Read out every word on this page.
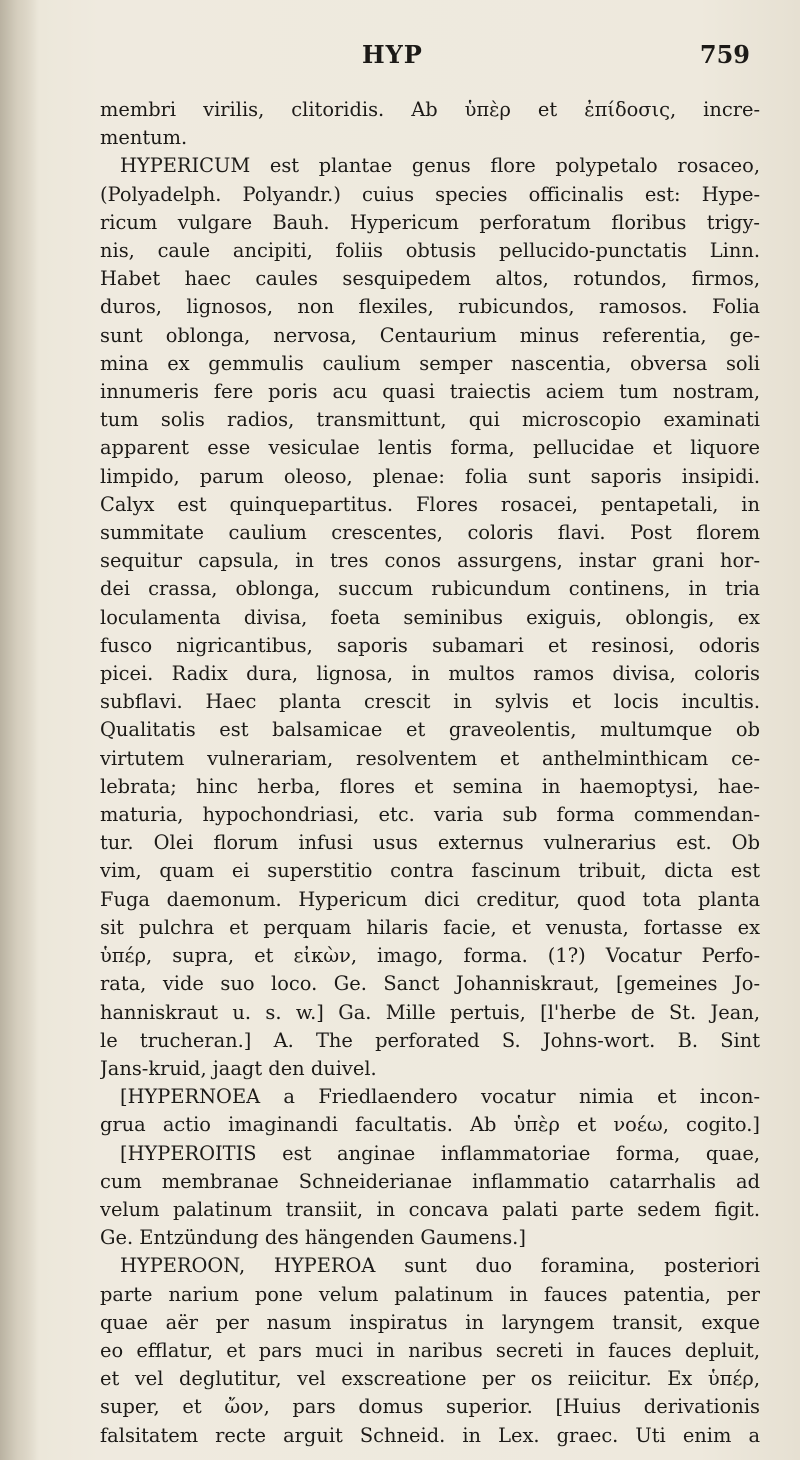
HYP	759
membri virilis, clitoridis. Ab ὑπὲρ et ἐπίδοσις, incre-
mentum.
HYPERICUM est plantae genus flore polypetalo rosaceo,
(Polyadelph. Polyandr.) cuius species officinalis est: Hype-
ricum vulgare Bauh. Hypericum perforatum floribus trigy-
nis, caule ancipiti, foliis obtusis pellucido-punctatis Linn.
Habet haec caules sesquipedem altos, rotundos, firmos,
duros, lignosos, non flexiles, rubicundos, ramosos. Folia
sunt oblonga, nervosa, Centaurium minus referentia, ge-
mina ex gemmulis caulium semper nascentia, obversa soli
innumeris fere poris acu quasi traiectis aciem tum nostram,
tum solis radios, transmittunt, qui microscopio examinati
apparent esse vesiculae lentis forma, pellucidae et liquore
limpido, parum oleoso, plenae: folia sunt saporis insipidi.
Calyx est quinquepartitus. Flores rosacei, pentapetali, in
summitate caulium crescentes, coloris flavi. Post florem
sequitur capsula, in tres conos assurgens, instar grani hor-
dei crassa, oblonga, succum rubicundum continens, in tria
loculamenta divisa, foeta seminibus exiguis, oblongis, ex
fusco nigricantibus, saporis subamari et resinosi, odoris
picei. Radix dura, lignosa, in multos ramos divisa, coloris
subflavi. Haec planta crescit in sylvis et locis incultis.
Qualitatis est balsamicae et graveolentis, multumque ob
virtutem vulnerariam, resolventem et anthelminthicam ce-
lebrata; hinc herba, flores et semina in haemoptysi, hae-
maturia, hypochondriasi, etc. varia sub forma commendan-
tur. Olei florum infusi usus externus vulnerarius est. Ob
vim, quam ei superstitio contra fascinum tribuit, dicta est
Fuga daemonum. Hypericum dici creditur, quod tota planta
sit pulchra et perquam hilaris facie, et venusta, fortasse ex
ὑπέρ, supra, et εἰκὼν, imago, forma. (1?) Vocatur Perfo-
rata, vide suo loco. Ge. Sanct Johanniskraut, [gemeines Jo-
hanniskraut u. s. w.] Ga. Mille pertuis, [l'herbe de St. Jean,
le trucheran.] A. The perforated S. Johns-wort. B. Sint
Jans-kruid, jaagt den duivel.
[HYPERNOEA a Friedlaendero vocatur nimia et incon-
grua actio imaginandi facultatis. Ab ὑπὲρ et νοέω, cogito.]
[HYPEROITIS est anginae inflammatoriae forma, quae,
cum membranae Schneiderianae inflammatio catarrhalis ad
velum palatinum transiit, in concava palati parte sedem figit.
Ge. Entzündung des hängenden Gaumens.]
HYPEROON, HYPEROA sunt duo foramina, posteriori
parte narium pone velum palatinum in fauces patentia, per
quae aër per nasum inspiratus in laryngem transit, exque
eo efflatur, et pars muci in naribus secreti in fauces depluit,
et vel deglutitur, vel exscreatione per os reiicitur. Ex ὑπέρ,
super, et ὤον, pars domus superior. [Huius derivationis
falsitatem recte arguit Schneid. in Lex. graec. Uti enim a
